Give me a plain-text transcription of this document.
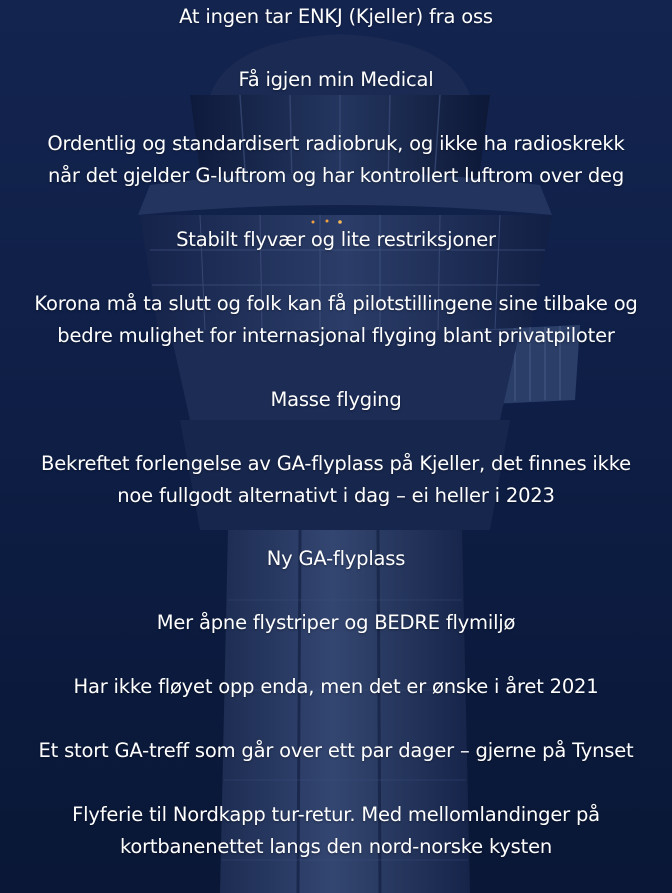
At ingen tar ENKJ (Kjeller) fra oss
Få igjen min Medical
Ordentlig og standardisert radiobruk, og ikke ha radioskrekk
når det gjelder G-luftrom og har kontrollert luftrom over deg
Stabilt flyvær og lite restriksjoner
Korona må ta slutt og folk kan få pilotstillingene sine tilbake og
bedre mulighet for internasjonal flyging blant privatpiloter
Masse flyging
Bekreftet forlengelse av GA-flyplass på Kjeller, det finnes ikke
noe fullgodt alternativt i dag – ei heller i 2023
Ny GA-flyplass
Mer åpne flystriper og BEDRE flymiljø
Har ikke fløyet opp enda, men det er ønske i året 2021
Et stort GA-treff som går over ett par dager – gjerne på Tynset
Flyferie til Nordkapp tur-retur. Med mellomlandinger på
kortbanenettet langs den nord-norske kysten
